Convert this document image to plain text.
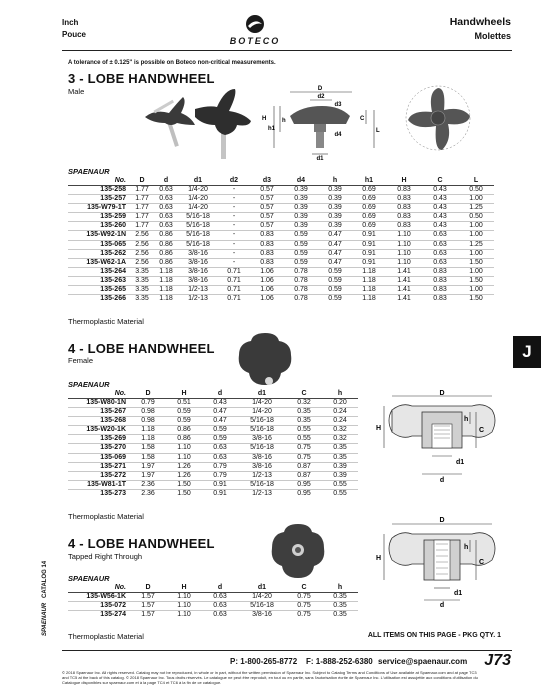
Inch
Pouce
BOTECO
Handwheels
Molettes
A tolerance of ± 0.125" is possible on Boteco non-critical measurements.
3 - LOBE HANDWHEEL
Male	D
d2
d3
d4
h
h1
H	C
L
d1
SPAENAUR
No.	D	d	d1	d2	d3	d4	h	h1	H	C	L
135-258	1.77	0.63	1/4-20	-	0.57	0.39	0.39	0.69	0.83	0.43	0.50
135-257	1.77	0.63	1/4-20	-	0.57	0.39	0.39	0.69	0.83	0.43	1.00
135-W79-1T	1.77	0.63	1/4-20	-	0.57	0.39	0.39	0.69	0.83	0.43	1.25
135-259	1.77	0.63	5/16-18	-	0.57	0.39	0.39	0.69	0.83	0.43	0.50
135-260	1.77	0.63	5/16-18	-	0.57	0.39	0.39	0.69	0.83	0.43	1.00
135-W92-1N	2.56	0.86	5/16-18	-	0.83	0.59	0.47	0.91	1.10	0.63	1.00
135-065	2.56	0.86	5/16-18	-	0.83	0.59	0.47	0.91	1.10	0.63	1.25
135-262	2.56	0.86	3/8-16	-	0.83	0.59	0.47	0.91	1.10	0.63	1.00
135-W62-1A	2.56	0.86	3/8-16	-	0.83	0.59	0.47	0.91	1.10	0.63	1.50
135-264	3.35	1.18	3/8-16	0.71	1.06	0.78	0.59	1.18	1.41	0.83	1.00
135-263	3.35	1.18	3/8-16	0.71	1.06	0.78	0.59	1.18	1.41	0.83	1.50
135-265	3.35	1.18	1/2-13	0.71	1.06	0.78	0.59	1.18	1.41	0.83	1.00
135-266	3.35	1.18	1/2-13	0.71	1.06	0.78	0.59	1.18	1.41	0.83	1.50
Thermoplastic Material
4 - LOBE HANDWHEEL
Female
SPAENAUR
No.	D	H	d	d1	C	h
135-W80-1N	0.79	0.51	0.43	1/4-20	0.32	0.20
135-267	0.98	0.59	0.47	1/4-20	0.35	0.24
135-268	0.98	0.59	0.47	5/16-18	0.35	0.24
135-W20-1K	1.18	0.86	0.59	5/16-18	0.55	0.32
135-269	1.18	0.86	0.59	3/8-16	0.55	0.32
135-270	1.58	1.10	0.63	5/16-18	0.75	0.35
135-069	1.58	1.10	0.63	3/8-16	0.75	0.35
135-271	1.97	1.26	0.79	3/8-16	0.87	0.39
135-272	1.97	1.26	0.79	1/2-13	0.87	0.39
135-W81-1T	2.36	1.50	0.91	5/16-18	0.95	0.55
135-273	2.36	1.50	0.91	1/2-13	0.95	0.55
Thermoplastic Material
D
H
h
C
d
d1
4 - LOBE HANDWHEEL
Tapped Right Through
SPAENAUR
No.	D	H	d	d1	C	h
135-W56-1K	1.57	1.10	0.63	1/4-20	0.75	0.35
135-072	1.57	1.10	0.63	5/16-18	0.75	0.35
135-274	1.57	1.10	0.63	3/8-16	0.75	0.35
Thermoplastic Material
D
H
h
C
d
d1
ALL ITEMS ON THIS PAGE - PKG QTY. 1
J
CATALOG 14
SPAENAUR
P: 1-800-265-8772 F: 1-888-252-6380 service@spaenaur.com J73
© 2018 Spaenaur Inc. All rights reserved. Catalog may not be reproduced, in whole or in part, without the written permission of Spaenaur Inc. Subject to Catalog Terms and Conditions of Use available at Spaenaur.com and at page TC3 and TC5 at the back of this catalog. © 2018 Spaenaur Inc. Tous droits réservés. Le catalogue ne peut être reproduit, en tout ou en partie, sans l'autorisation écrite de Spaenaur Inc. L'utilisation est assujettie aux conditions d'utilisation du Catalogue disponibles sur spaenaur.com et à la page TC4 et TC6 à la fin de ce catalogue.
